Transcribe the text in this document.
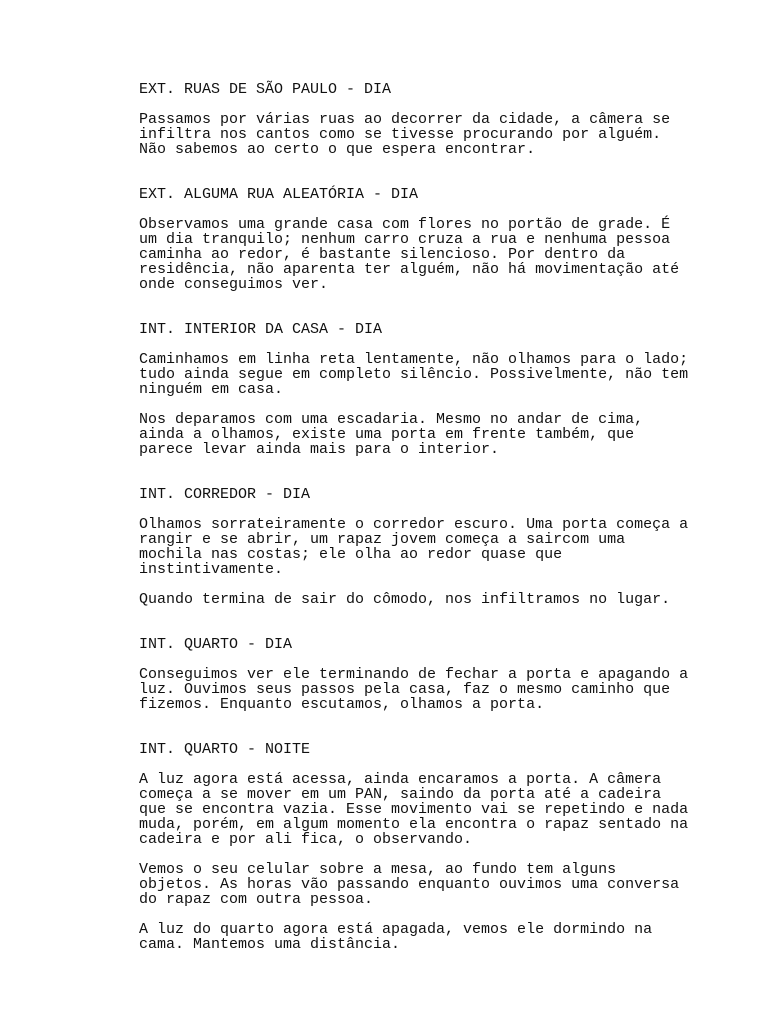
EXT. RUAS DE SÃO PAULO - DIA
Passamos por várias ruas ao decorrer da cidade, a câmera se
infiltra nos cantos como se tivesse procurando por alguém.
Não sabemos ao certo o que espera encontrar.
EXT. ALGUMA RUA ALEATÓRIA - DIA
Observamos uma grande casa com flores no portão de grade. É
um dia tranquilo; nenhum carro cruza a rua e nenhuma pessoa
caminha ao redor, é bastante silencioso. Por dentro da
residência, não aparenta ter alguém, não há movimentação até
onde conseguimos ver.
INT. INTERIOR DA CASA - DIA
Caminhamos em linha reta lentamente, não olhamos para o lado;
tudo ainda segue em completo silêncio. Possivelmente, não tem
ninguém em casa.
Nos deparamos com uma escadaria. Mesmo no andar de cima,
ainda a olhamos, existe uma porta em frente também, que
parece levar ainda mais para o interior.
INT. CORREDOR - DIA
Olhamos sorrateiramente o corredor escuro. Uma porta começa a
rangir e se abrir, um rapaz jovem começa a saircom uma
mochila nas costas; ele olha ao redor quase que
instintivamente.
Quando termina de sair do cômodo, nos infiltramos no lugar.
INT. QUARTO - DIA
Conseguimos ver ele terminando de fechar a porta e apagando a
luz. Ouvimos seus passos pela casa, faz o mesmo caminho que
fizemos. Enquanto escutamos, olhamos a porta.
INT. QUARTO - NOITE
A luz agora está acessa, ainda encaramos a porta. A câmera
começa a se mover em um PAN, saindo da porta até a cadeira
que se encontra vazia. Esse movimento vai se repetindo e nada
muda, porém, em algum momento ela encontra o rapaz sentado na
cadeira e por ali fica, o observando.
Vemos o seu celular sobre a mesa, ao fundo tem alguns
objetos. As horas vão passando enquanto ouvimos uma conversa
do rapaz com outra pessoa.
A luz do quarto agora está apagada, vemos ele dormindo na
cama. Mantemos uma distância.
